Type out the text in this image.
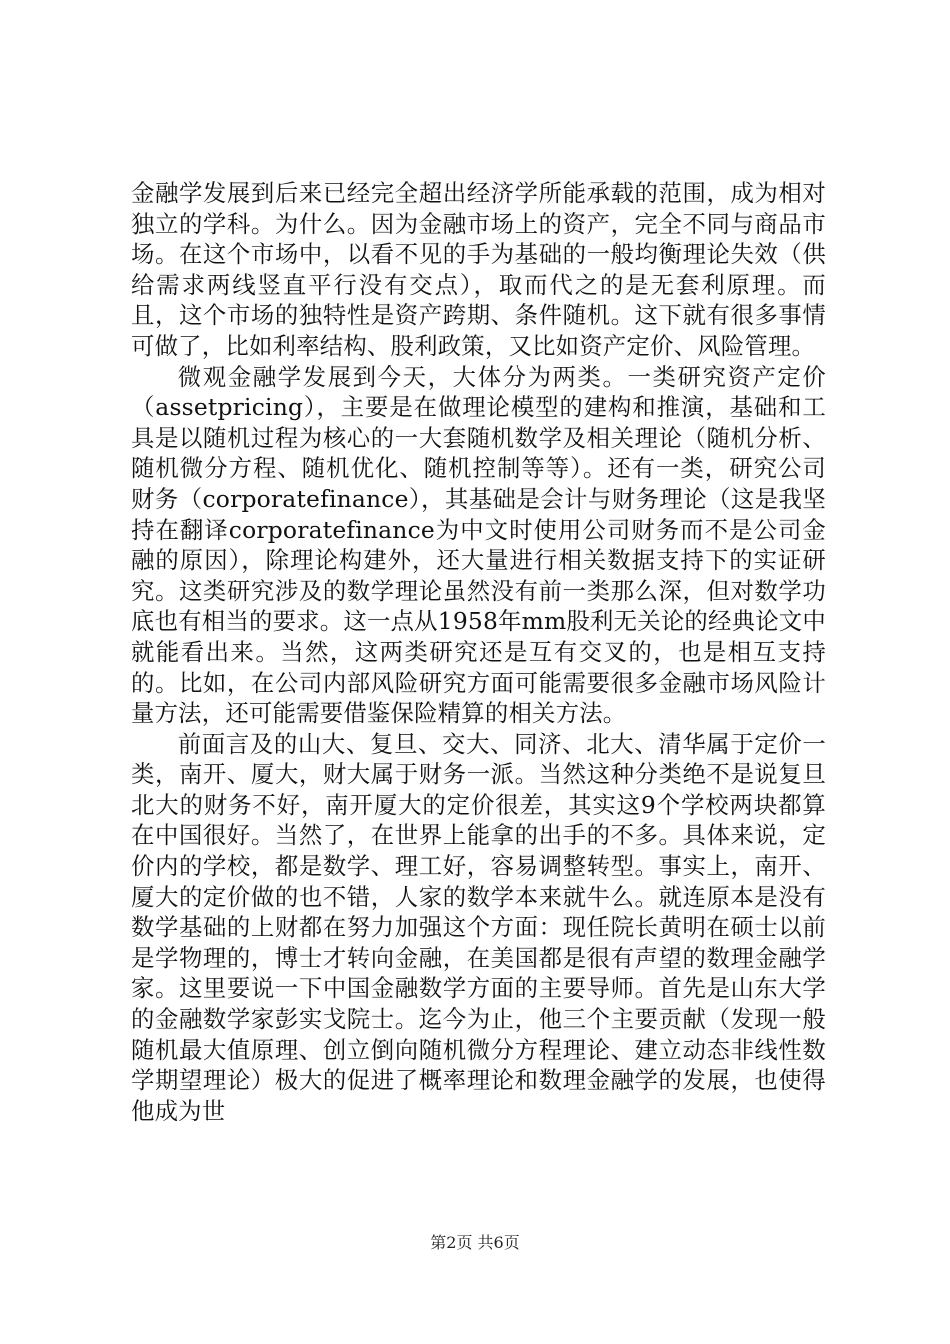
金融学发展到后来已经完全超出经济学所能承载的范围，成为相对独立的学科。为什么。因为金融市场上的资产，完全不同与商品市场。在这个市场中，以看不见的手为基础的一般均衡理论失效（供给需求两线竖直平行没有交点），取而代之的是无套利原理。而且，这个市场的独特性是资产跨期、条件随机。这下就有很多事情可做了，比如利率结构、股利政策，又比如资产定价、风险管理。

微观金融学发展到今天，大体分为两类。一类研究资产定价（assetpricing），主要是在做理论模型的建构和推演，基础和工具是以随机过程为核心的一大套随机数学及相关理论（随机分析、随机微分方程、随机优化、随机控制等等）。还有一类，研究公司财务（corporatefinance），其基础是会计与财务理论（这是我坚持在翻译corporatefinance为中文时使用公司财务而不是公司金融的原因），除理论构建外，还大量进行相关数据支持下的实证研究。这类研究涉及的数学理论虽然没有前一类那么深，但对数学功底也有相当的要求。这一点从1958年mm股利无关论的经典论文中就能看出来。当然，这两类研究还是互有交叉的，也是相互支持的。比如，在公司内部风险研究方面可能需要很多金融市场风险计量方法，还可能需要借鉴保险精算的相关方法。

前面言及的山大、复旦、交大、同济、北大、清华属于定价一类，南开、厦大，财大属于财务一派。当然这种分类绝不是说复旦北大的财务不好，南开厦大的定价很差，其实这9个学校两块都算在中国很好。当然了，在世界上能拿的出手的不多。具体来说，定价内的学校，都是数学、理工好，容易调整转型。事实上，南开、厦大的定价做的也不错，人家的数学本来就牛么。就连原本是没有数学基础的上财都在努力加强这个方面：现任院长黄明在硕士以前是学物理的，博士才转向金融，在美国都是很有声望的数理金融学家。这里要说一下中国金融数学方面的主要导师。首先是山东大学的金融数学家彭实戈院士。迄今为止，他三个主要贡献（发现一般随机最大值原理、创立倒向随机微分方程理论、建立动态非线性数学期望理论）极大的促进了概率理论和数理金融学的发展，也使得他成为世

第2页 共6页
